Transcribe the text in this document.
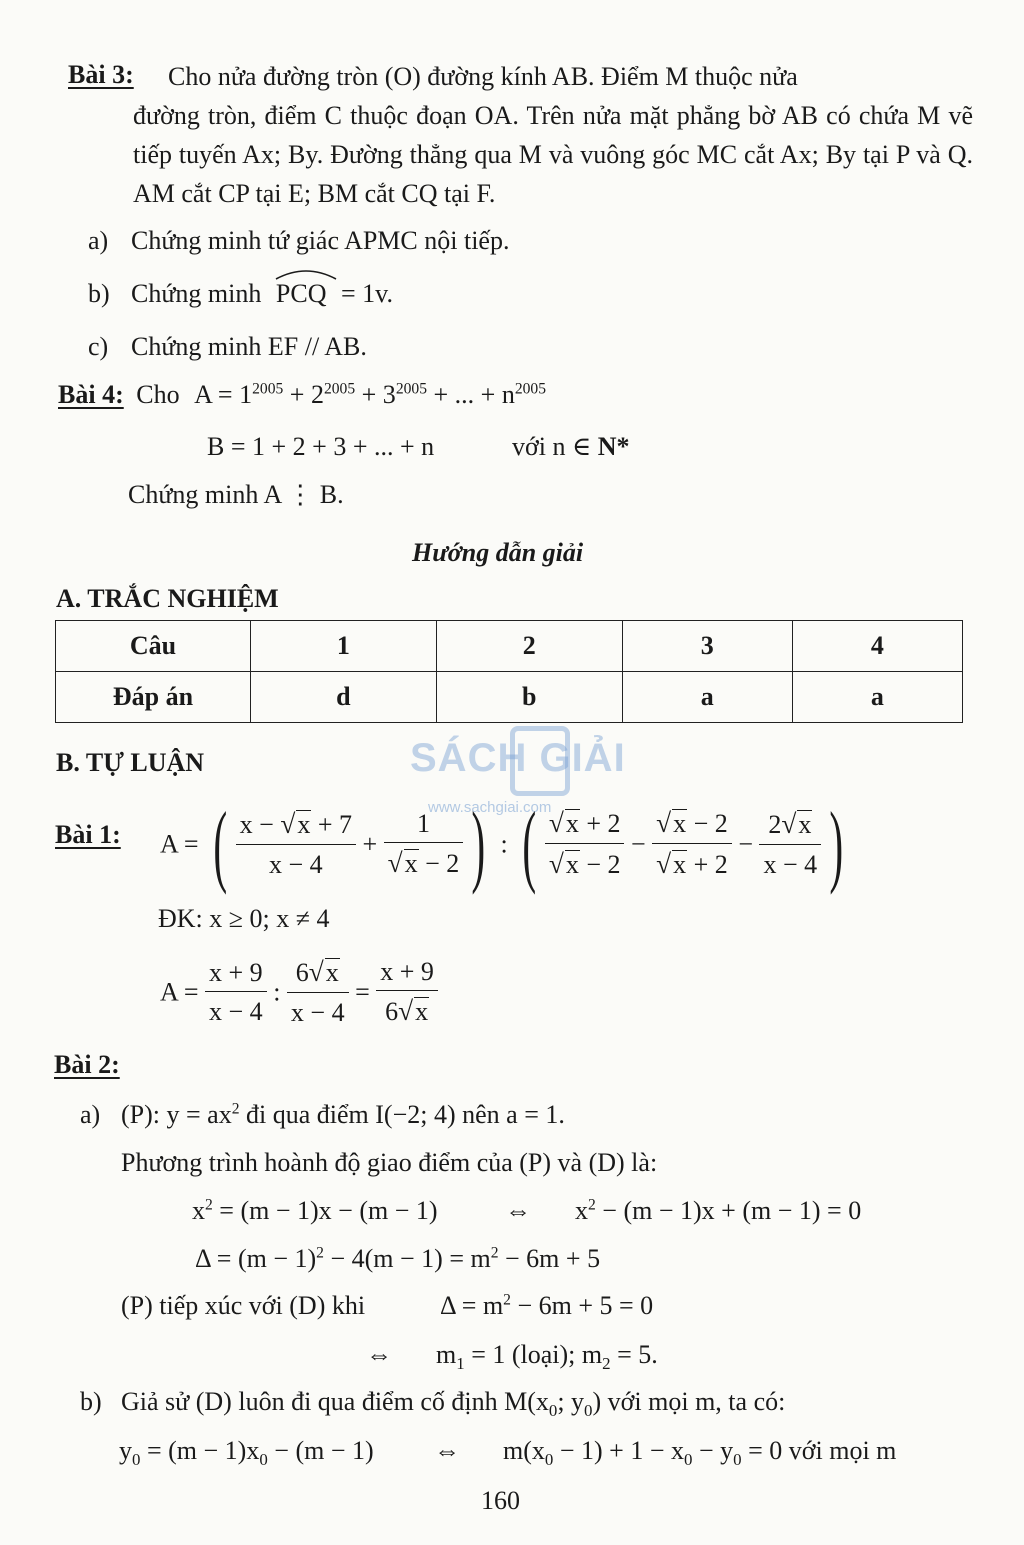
Bài 3: Cho nửa đường tròn (O) đường kính AB. Điểm M thuộc nửa
đường tròn, điểm C thuộc đoạn OA. Trên nửa mặt phẳng bờ AB có chứa M vẽ tiếp tuyến Ax; By. Đường thẳng qua M và vuông góc MC cắt Ax; By tại P và Q. AM cắt CP tại E; BM cắt CQ tại F.
a) Chứng minh tứ giác APMC nội tiếp.
b) Chứng minh PCQ = 1v.
c) Chứng minh EF // AB.
Bài 4: Cho $A = 1^{2005} + 2^{2005} + 3^{2005}$ + ... + $n^{2005}$
B = 1 + 2 + 3 + ... + n	với n ∈ N*
Chứng minh A ⋮ B.
Hướng dẫn giải
A. TRẮC NGHIỆM
Câu	1	2	3	4
Đáp án	d	b	a	a
B. TỰ LUẬN	SÁCH GIẢI
www.sachgiai.com
Bài 1: A = ( $\frac{x - √x + 7}{x - 4} + \frac{1}{√x - 2}$ ) : ( $\frac{√x + 2}{√x - 2} - \frac{√x - 2}{√x + 2} - \frac{2√x}{x - 4}$ )
ĐK: x ≥ 0; x ≠ 4
$A = \frac{x + 9}{x - 4}$ : $\frac{6√x}{x - 4} = \frac{x + 9}{6√x}$
Bài 2:
a) (P): $y = ax^2$ đi qua điểm I(−2; 4) nên a = 1.
Phương trình hoành độ giao điểm của (P) và (D) là:
$x^2 = (m - 1)x - (m - 1)$	⇔ $x^2 - (m - 1)x + (m - 1) = 0$
$\Delta = (m - 1)^2 - 4(m - 1) = m^2 - 6m + 5$
(P) tiếp xúc với (D) khi	$\Delta = m^2 - 6m + 5 = 0$
⇔ $m_1 = 1$ (loại); $m_2 = 5$.
b) Giả sử (D) luôn đi qua điểm cố định $M(x_0$; $y_0$) với mọi m, ta có:
$y_0 = (m - 1)x_0 - (m - 1)$ ⇔ $m(x_0 - 1) + 1 - x_0 - y_0 = 0$ với mọi m
160
